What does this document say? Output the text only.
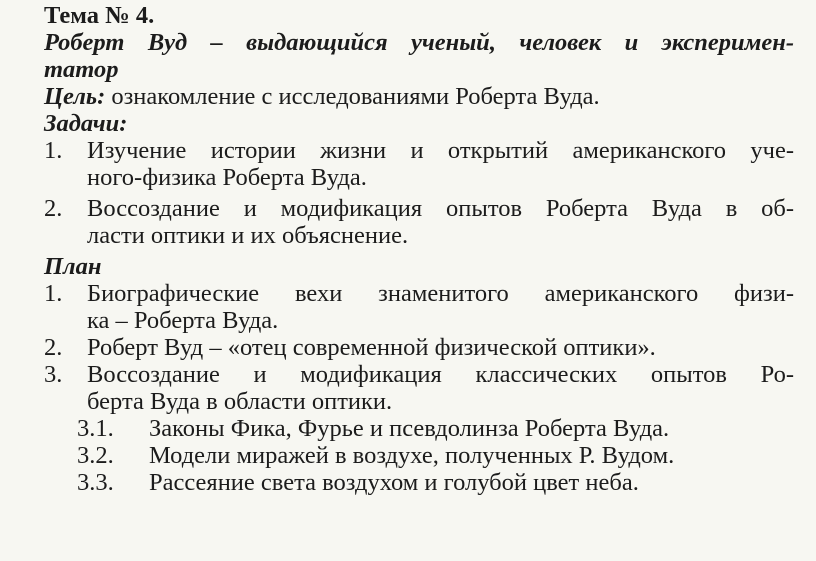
Тема № 4.
Роберт Вуд – выдающийся ученый, человек и эксперимен-
татор
Цель: ознакомление с исследованиями Роберта Вуда.
Задачи:
1.	Изучение истории жизни и открытий американского уче-
ного-физика Роберта Вуда.
2.	Воссоздание и модификация опытов Роберта Вуда в об-
ласти оптики и их объяснение.
План
1.	Биографические вехи знаменитого американского физи-
ка – Роберта Вуда.
2.	Роберт Вуд – «отец современной физической оптики».
3.	Воссоздание и модификация классических опытов Ро-
берта Вуда в области оптики.
3.1.	Законы Фика, Фурье и псевдолинза Роберта Вуда.
3.2.	Модели миражей в воздухе, полученных Р. Вудом.
3.3.	Рассеяние света воздухом и голубой цвет неба.
